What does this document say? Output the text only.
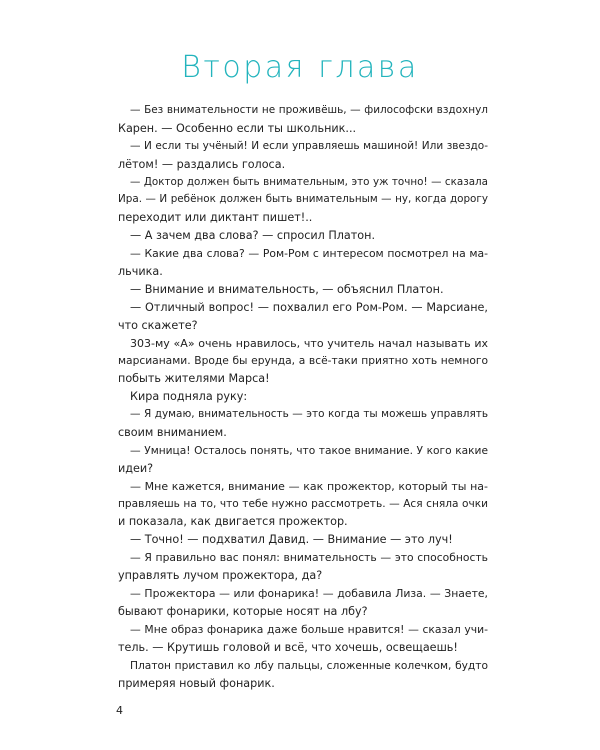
Вторая глава
— Без внимательности не проживёшь, — философски вздохнул
Карен. — Особенно если ты школьник...
— И если ты учёный! И если управляешь машиной! Или звездо-
лётом! — раздались голоса.
— Доктор должен быть внимательным, это уж точно! — сказала
Ира. — И ребёнок должен быть внимательным — ну, когда дорогу
переходит или диктант пишет!..
— А зачем два слова? — спросил Платон.
— Какие два слова? — Ром-Ром с интересом посмотрел на ма-
льчика.
— Внимание и внимательность, — объяснил Платон.
— Отличный вопрос! — похвалил его Ром-Ром. — Марсиане,
что скажете?
303-му «А» очень нравилось, что учитель начал называть их
марсианами. Вроде бы ерунда, а всё-таки приятно хоть немного
побыть жителями Марса!
Кира подняла руку:
— Я думаю, внимательность — это когда ты можешь управлять
своим вниманием.
— Умница! Осталось понять, что такое внимание. У кого какие
идеи?
— Мне кажется, внимание — как прожектор, который ты на-
правляешь на то, что тебе нужно рассмотреть. — Ася сняла очки
и показала, как двигается прожектор.
— Точно! — подхватил Давид. — Внимание — это луч!
— Я правильно вас понял: внимательность — это способность
управлять лучом прожектора, да?
— Прожектора — или фонарика! — добавила Лиза. — Знаете,
бывают фонарики, которые носят на лбу?
— Мне образ фонарика даже больше нравится! — сказал учи-
тель. — Крутишь головой и всё, что хочешь, освещаешь!
Платон приставил ко лбу пальцы, сложенные колечком, будто
примеряя новый фонарик.
4
